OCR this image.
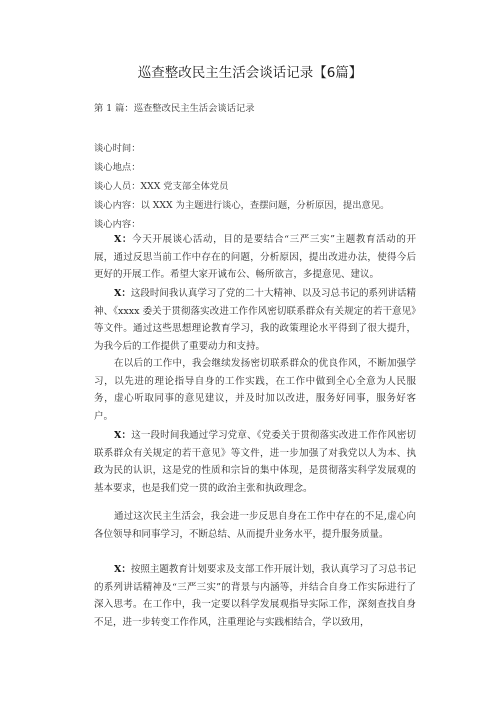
巡查整改民主生活会谈话记录【6篇】
第 1 篇：巡查整改民主生活会谈话记录
谈心时间：
谈心地点：
谈心人员：XXX 党支部全体党员
谈心内容：以 XXX 为主题进行谈心，查摆问题，分析原因，提出意见。
谈心内容：

X：今天开展谈心活动，目的是要结合“三严三实”主题教育活动的开展，通过反思当前工作中存在的问题，分析原因，提出改进办法，使得今后更好的开展工作。希望大家开诚布公、畅所欲言，多提意见、建议。

X：这段时间我认真学习了党的二十大精神、以及习总书记的系列讲话精神、《xxxx 委关于贯彻落实改进工作作风密切联系群众有关规定的若干意见》等文件。通过这些思想理论教育学习，我的政策理论水平得到了很大提升，为我今后的工作提供了重要动力和支持。

在以后的工作中，我会继续发扬密切联系群众的优良作风，不断加强学习，以先进的理论指导自身的工作实践，在工作中做到全心全意为人民服务，虚心听取同事的意见建议，并及时加以改进，服务好同事，服务好客户。

X：这一段时间我通过学习党章、《党委关于贯彻落实改进工作作风密切联系群众有关规定的若干意见》等文件，进一步加强了对我党以人为本、执政为民的认识，这是党的性质和宗旨的集中体现，是贯彻落实科学发展观的基本要求，也是我们党一贯的政治主张和执政理念。

通过这次民主生活会，我会进一步反思自身在工作中存在的不足,虚心向各位领导和同事学习，不断总结、从而提升业务水平，提升服务质量。

X：按照主题教育计划要求及支部工作开展计划，我认真学习了习总书记的系列讲话精神及“三严三实”的背景与内涵等，并结合自身工作实际进行了深入思考。在工作中，我一定要以科学发展观指导实际工作，深刻查找自身不足，进一步转变工作作风，注重理论与实践相结合，学以致用，
